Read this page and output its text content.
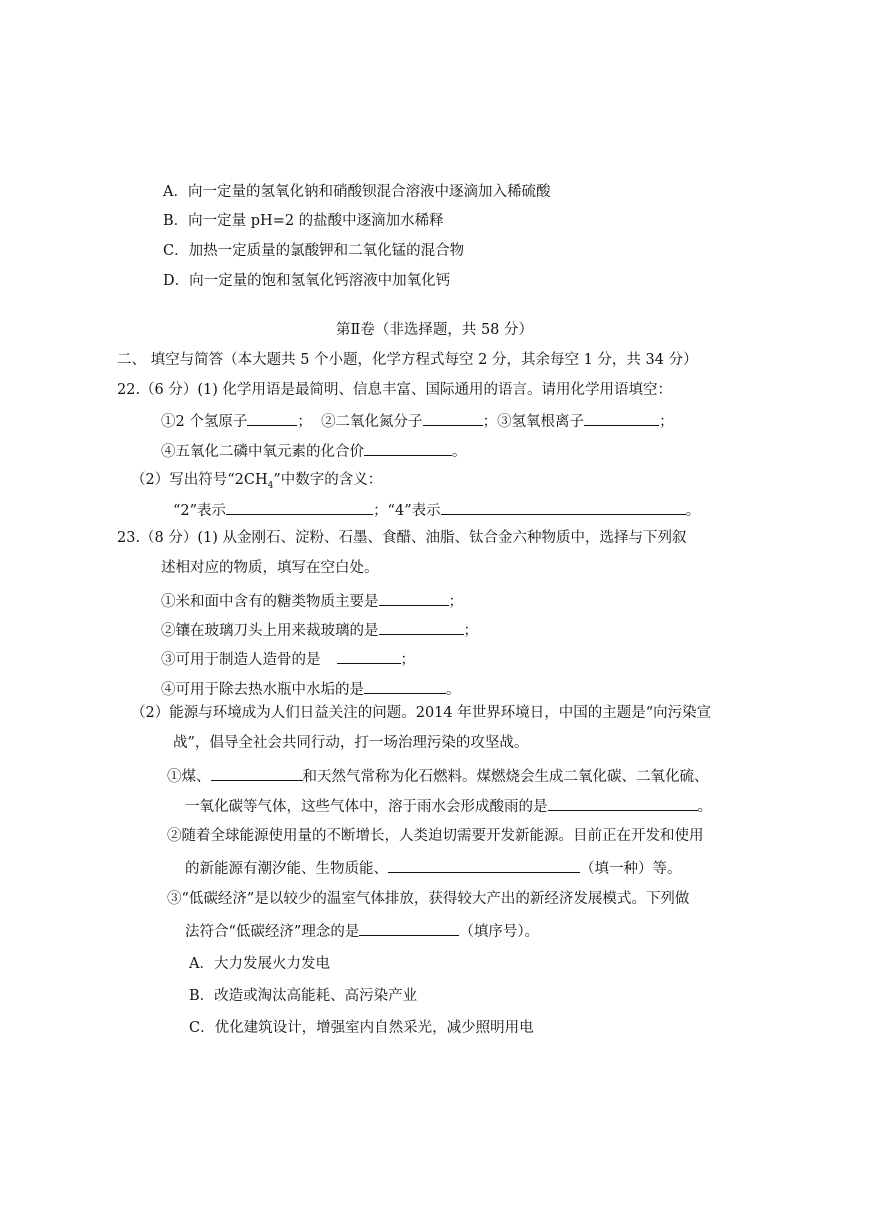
A．向一定量的氢氧化钠和硝酸钡混合溶液中逐滴加入稀硫酸
B．向一定量 pH=2 的盐酸中逐滴加水稀释
C．加热一定质量的氯酸钾和二氧化锰的混合物
D．向一定量的饱和氢氧化钙溶液中加氧化钙
第Ⅱ卷（非选择题，共 58 分）
二、 填空与简答（本大题共 5 个小题，化学方程式每空 2 分，其余每空 1 分，共 34 分）
22.（6 分）(1) 化学用语是最简明、信息丰富、国际通用的语言。请用化学用语填空：
①2 个氢原子	； ②二氧化氮分子	；③氢氧根离子	；
④五氧化二磷中氧元素的化合价	。
（2）写出符号“$2CH_4$”中数字的含义：
“2”表示	；“4”表示	。
23.（8 分）(1) 从金刚石、淀粉、石墨、食醋、油脂、钛合金六种物质中，选择与下列叙
述相对应的物质，填写在空白处。
①米和面中含有的糖类物质主要是	；
②镶在玻璃刀头上用来裁玻璃的是	；
③可用于制造人造骨的是	；
④可用于除去热水瓶中水垢的是	。
（2）能源与环境成为人们日益关注的问题。2014 年世界环境日，中国的主题是“向污染宣
战”，倡导全社会共同行动，打一场治理污染的攻坚战。
①煤、	和天然气常称为化石燃料。煤燃烧会生成二氧化碳、二氧化硫、
一氧化碳等气体，这些气体中，溶于雨水会形成酸雨的是	。
②随着全球能源使用量的不断增长，人类迫切需要开发新能源。目前正在开发和使用
的新能源有潮汐能、生物质能、	（填一种）等。
③“低碳经济”是以较少的温室气体排放，获得较大产出的新经济发展模式。下列做
法符合“低碳经济”理念的是	（填序号）。
A．大力发展火力发电
B．改造或淘汰高能耗、高污染产业
C．优化建筑设计，增强室内自然采光，减少照明用电
